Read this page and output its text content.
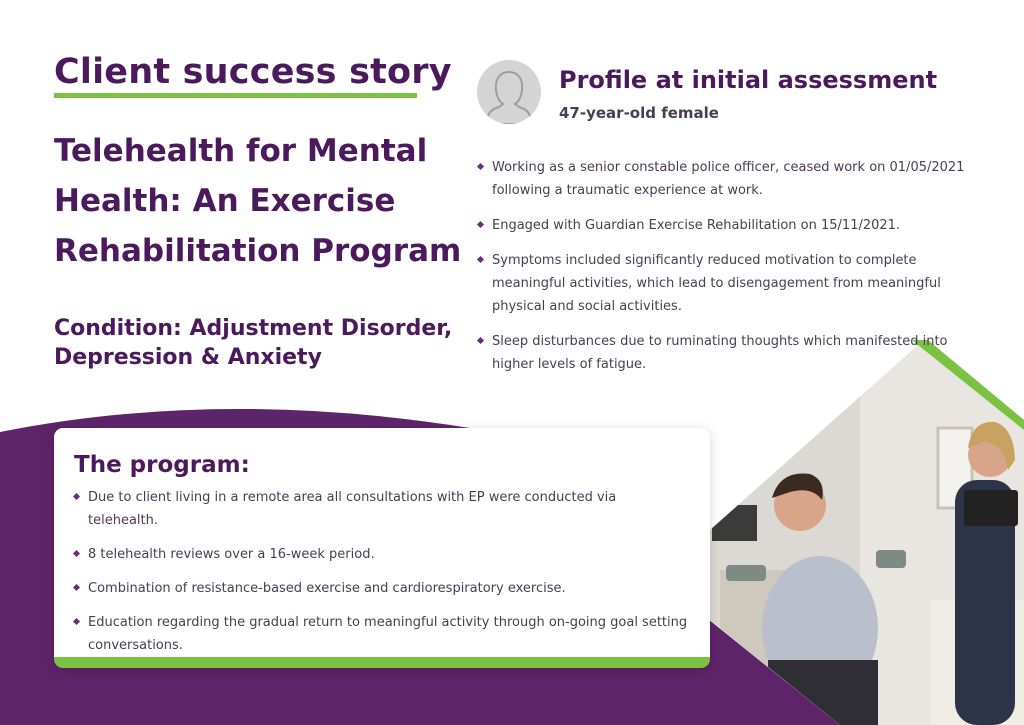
Client success story
Telehealth for Mental Health: An Exercise Rehabilitation Program
Condition: Adjustment Disorder, Depression & Anxiety
Profile at initial assessment
47-year-old female
Working as a senior constable police officer, ceased work on 01/05/2021 following a traumatic experience at work.
Engaged with Guardian Exercise Rehabilitation on 15/11/2021.
Symptoms included significantly reduced motivation to complete meaningful activities, which lead to disengagement from meaningful physical and social activities.
Sleep disturbances due to ruminating thoughts which manifested into higher levels of fatigue.
The program:
Due to client living in a remote area all consultations with EP were conducted via telehealth.
8 telehealth reviews over a 16-week period.
Combination of resistance-based exercise and cardiorespiratory exercise.
Education regarding the gradual return to meaningful activity through on-going goal setting conversations.
